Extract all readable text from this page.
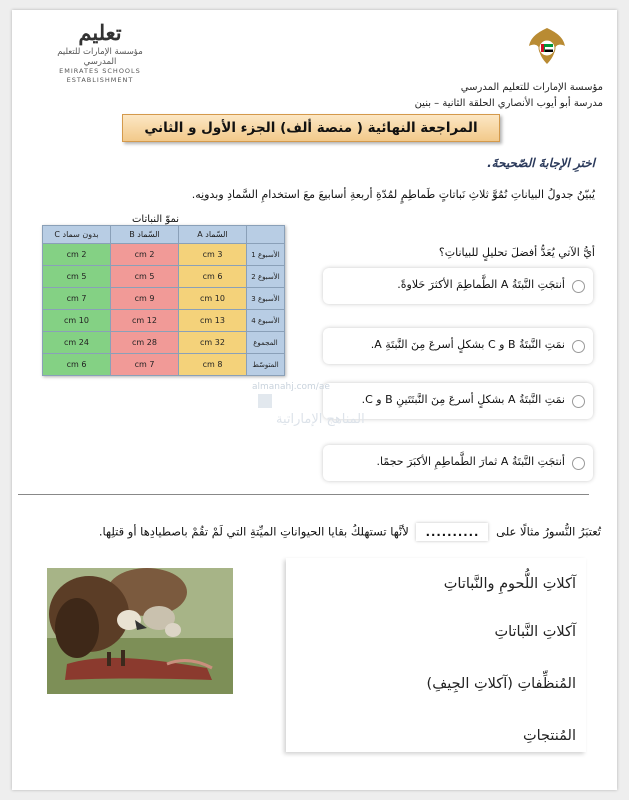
مؤسسة الإمارات للتعليم المدرسي
مدرسة أبو أيوب الأنصاري الحلقة الثانية – بنين
تعليم
مؤسسة الإمارات للتعليم المدرسي
EMIRATES SCHOOLS
ESTABLISHMENT
المراجعة النهائية ( منصة ألف) الجزء الأول و الثاني
اخترِ الإجابةَ الصّحيحةَ.
يُبيّنُ جدولُ البياناتِ نُمُوَّ ثلاثِ نَباتاتٍ طَماطِمٍ لمُدّةِ أربعةِ أسابيعَ معَ استخدامِ السَّمادِ وبدونِه.
نموّ النباتات
	السّماد A	السّماد B	بدون سماد C
الأسبوع 1	3 cm	2 cm	2 cm
الأسبوع 2	6 cm	5 cm	5 cm
الأسبوع 3	10 cm	9 cm	7 cm
الأسبوع 4	13 cm	12 cm	10 cm
المجموع	32 cm	28 cm	24 cm
المتوسّط	8 cm	7 cm	6 cm
أيُّ الآتي يُعَدُّ أفضلَ تحليلٍ للبياناتِ؟
أنتجَتِ النَّبتَةُ A الطَّماطِمَ الأكثرَ حَلاوةً.
نمَتِ النَّبتَةُ B و C بشكلٍ أسرعَ مِنَ النَّبتَةِ A.
نمَتِ النَّبتَةُ A بشكلٍ أسرعَ مِنَ النَّبتَتَينِ B و C.
أنتجَتِ النَّبتَةُ A ثمارَ الطَّماطِمِ الأكبَرَ حجمًا.
almanahj.com/ae
المناهج الإماراتية
تُعتبَرُ النُّسورُ مثالًا على .......... لأنَّها تستهلكُ بقايا الحيواناتِ الميِّتةِ التي لَمْ تقُمْ باصطيادِها أو قتلِها.
آكلاتِ اللُّحومِ والنَّباتاتِ
آكلاتِ النَّباتاتِ
المُنظِّفاتِ (آكلاتِ الجِيفِ)
المُنتجاتِ
